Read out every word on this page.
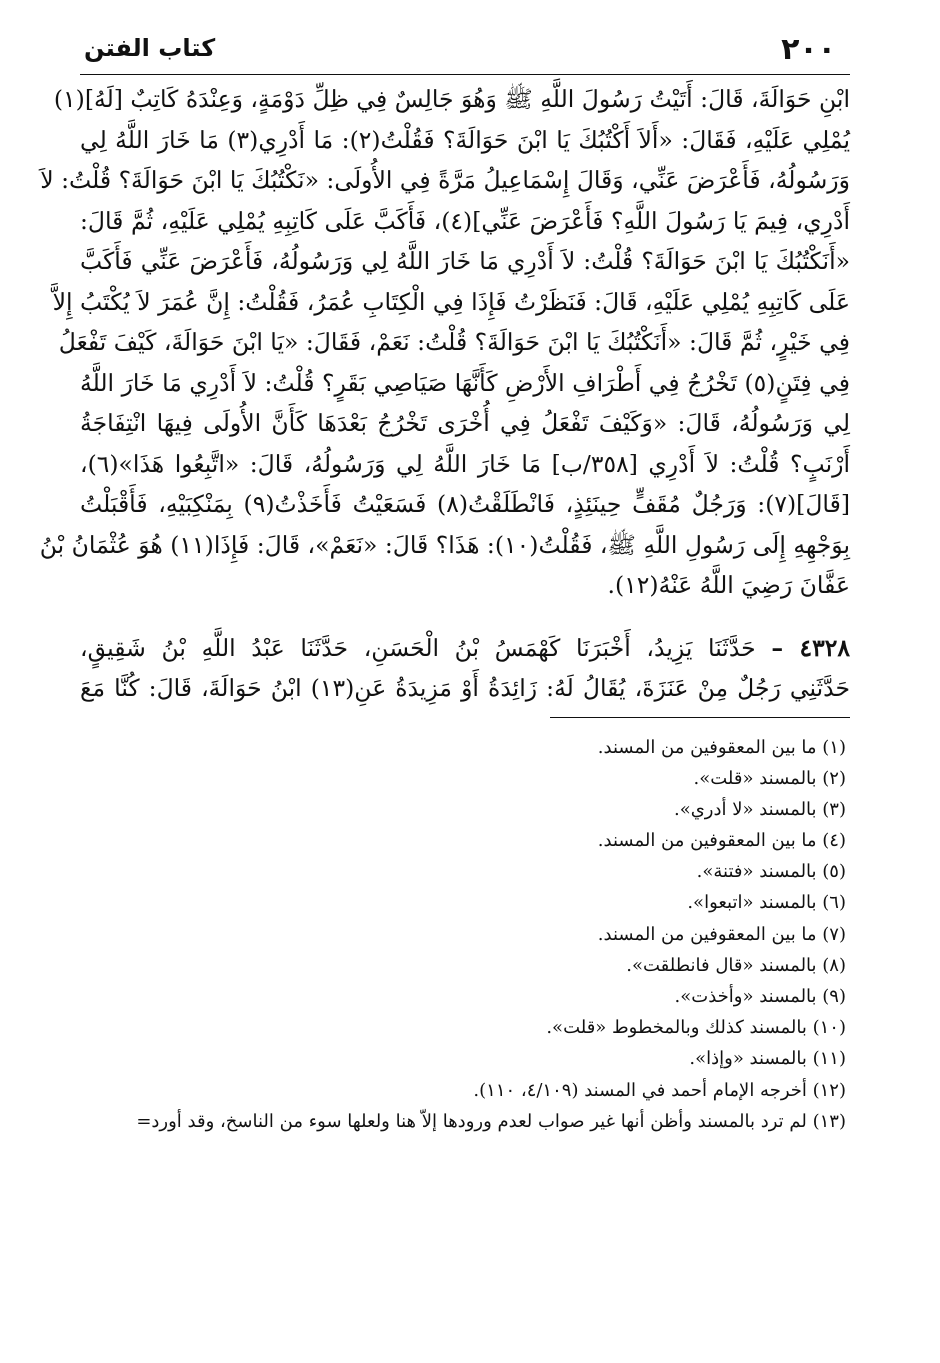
٢٠٠
كتاب الفتن
ابْنِ حَوَالَةَ، قَالَ: أَتَيْتُ رَسُولَ اللَّهِ ﷺ وَهُوَ جَالِسٌ فِي ظِلِّ دَوْمَةٍ، وَعِنْدَهُ كَاتِبٌ [لَهُ](١)
يُمْلِي عَلَيْهِ، فَقَالَ: «أَلاَ أَكْتُبُكَ يَا ابْنَ حَوَالَةَ؟ فَقُلْتُ(٢): مَا أَدْرِي(٣) مَا خَارَ اللَّهُ لِي
وَرَسُولُهُ، فَأَعْرَضَ عَنِّي، وَقَالَ إِسْمَاعِيلُ مَرَّةً فِي الأُولَى: «نَكْتُبُكَ يَا ابْنَ حَوَالَةَ؟ قُلْتُ: لاَ
أَدْرِي، فِيمَ يَا رَسُولَ اللَّهِ؟ فَأَعْرَضَ عَنِّي](٤)، فَأَكَبَّ عَلَى كَاتِبِهِ يُمْلِي عَلَيْهِ، ثُمَّ قَالَ:
«أَنَكْتُبُكَ يَا ابْنَ حَوَالَةَ؟ قُلْتُ: لاَ أَدْرِي مَا خَارَ اللَّهُ لِي وَرَسُولُهُ، فَأَعْرَضَ عَنِّي فَأَكَبَّ
عَلَى كَاتِبِهِ يُمْلِي عَلَيْهِ، قَالَ: فَنَظَرْتُ فَإِذَا فِي الْكِتَابِ عُمَرُ، فَقُلْتُ: إِنَّ عُمَرَ لاَ يُكْتَبُ إِلاَّ
فِي خَيْرٍ، ثُمَّ قَالَ: «أَنَكْتُبُكَ يَا ابْنَ حَوَالَةَ؟ قُلْتُ: نَعَمْ، فَقَالَ: «يَا ابْنَ حَوَالَةَ، كَيْفَ تَفْعَلُ
فِي فِتَنٍ(٥) تَخْرُجُ فِي أَطْرَافِ الأَرْضِ كَأَنَّهَا صَيَاصِي بَقَرٍ؟ قُلْتُ: لاَ أَدْرِي مَا خَارَ اللَّهُ
لِي وَرَسُولُهُ، قَالَ: «وَكَيْفَ تَفْعَلُ فِي أُخْرَى تَخْرُجُ بَعْدَهَا كَأَنَّ الأُولَى فِيهَا انْتِفَاجَةُ
أَرْنَبٍ؟ قُلْتُ: لاَ أَدْرِي [٣٥٨/ب] مَا خَارَ اللَّهُ لِي وَرَسُولُهُ، قَالَ: «اتَّبِعُوا هَذَا»(٦)،
[قَالَ](٧): وَرَجُلٌ مُقَفٍّ حِينَئِذٍ، فَانْطَلَقْتُ(٨) فَسَعَيْتُ فَأَخَذْتُ(٩) بِمَنْكِبَيْهِ، فَأَقْبَلْتُ
بِوَجْهِهِ إِلَى رَسُولِ اللَّهِ ﷺ، فَقُلْتُ(١٠): هَذَا؟ قَالَ: «نَعَمْ»، قَالَ: فَإِذَا(١١) هُوَ عُثْمَانُ بْنُ
عَفَّانَ رَضِيَ اللَّهُ عَنْهُ(١٢).
٤٣٢٨ – حَدَّثَنَا يَزِيدُ، أَخْبَرَنَا كَهْمَسُ بْنُ الْحَسَنِ، حَدَّثَنَا عَبْدُ اللَّهِ بْنُ شَقِيقٍ،
حَدَّثَنِي رَجُلٌ مِنْ عَنَزَةَ، يُقَالُ لَهُ: زَائِدَةُ أَوْ مَزِيدَةُ عَنِ(١٣) ابْنُ حَوَالَةَ، قَالَ: كُنَّا مَعَ
(١) ما بين المعقوفين من المسند.
(٢) بالمسند «قلت».
(٣) بالمسند «لا أدري».
(٤) ما بين المعقوفين من المسند.
(٥) بالمسند «فتنة».
(٦) بالمسند «اتبعوا».
(٧) ما بين المعقوفين من المسند.
(٨) بالمسند «قال فانطلقت».
(٩) بالمسند «وأخذت».
(١٠) بالمسند كذلك وبالمخطوط «قلت».
(١١) بالمسند «وإذا».
(١٢) أخرجه الإمام أحمد في المسند (٤/١٠٩، ١١٠).
(١٣) لم ترد بالمسند وأظن أنها غير صواب لعدم ورودها إلاّ هنا ولعلها سوء من الناسخ، وقد أورد=
